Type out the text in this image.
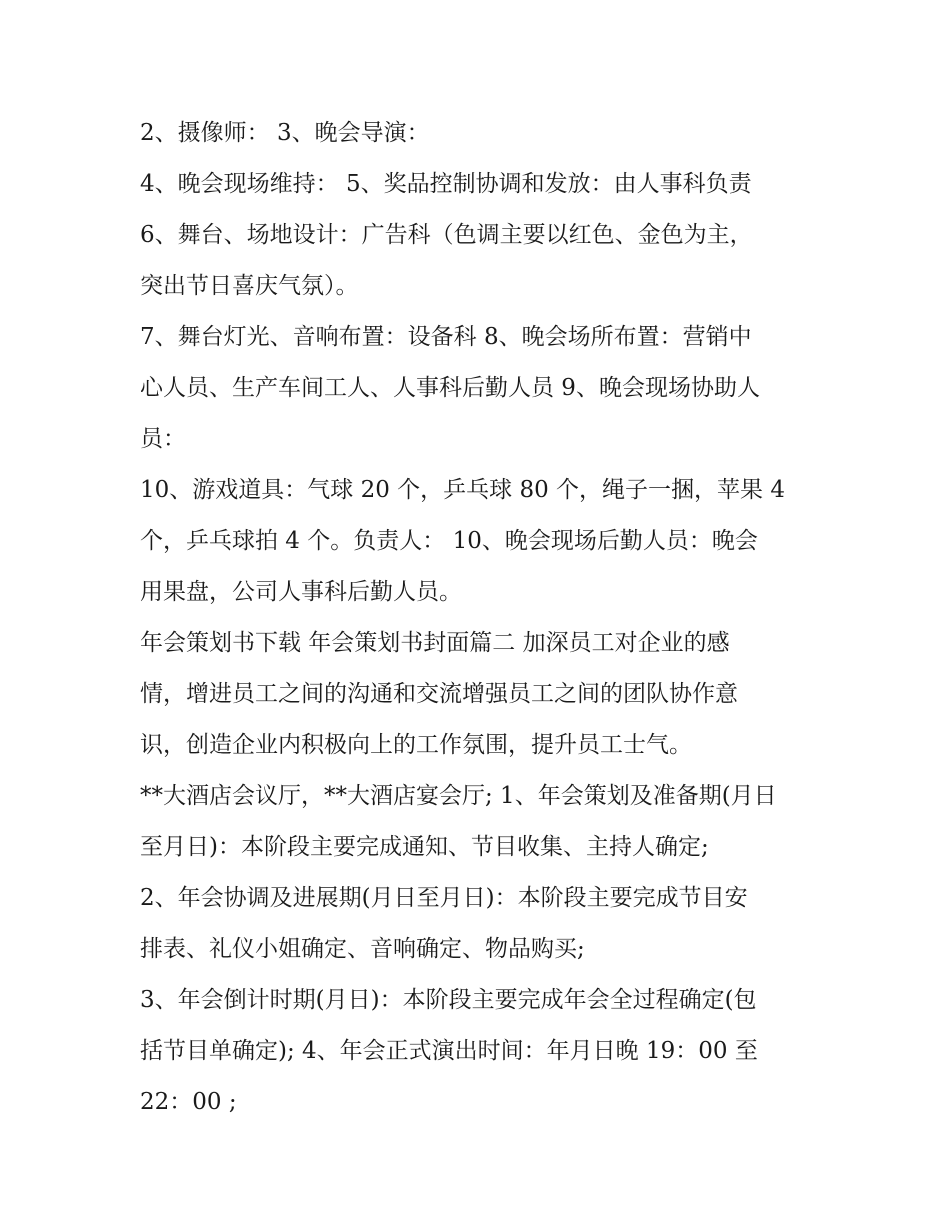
2、摄像师： 3、晚会导演：
4、晚会现场维持： 5、奖品控制协调和发放：由人事科负责
6、舞台、场地设计：广告科（色调主要以红色、金色为主，
突出节日喜庆气氛）。
7、舞台灯光、音响布置：设备科 8、晚会场所布置：营销中
心人员、生产车间工人、人事科后勤人员 9、晚会现场协助人
员：
10、游戏道具：气球 20 个，乒乓球 80 个，绳子一捆，苹果 4
个，乒乓球拍 4 个。负责人： 10、晚会现场后勤人员：晚会
用果盘，公司人事科后勤人员。
年会策划书下载 年会策划书封面篇二 加深员工对企业的感
情，增进员工之间的沟通和交流增强员工之间的团队协作意
识，创造企业内积极向上的工作氛围，提升员工士气。
**大酒店会议厅，**大酒店宴会厅; 1、年会策划及准备期(月日
至月日)：本阶段主要完成通知、节目收集、主持人确定;
2、年会协调及进展期(月日至月日)：本阶段主要完成节目安
排表、礼仪小姐确定、音响确定、物品购买;
3、年会倒计时期(月日)：本阶段主要完成年会全过程确定(包
括节目单确定); 4、年会正式演出时间：年月日晚 19：00 至
22：00 ;
